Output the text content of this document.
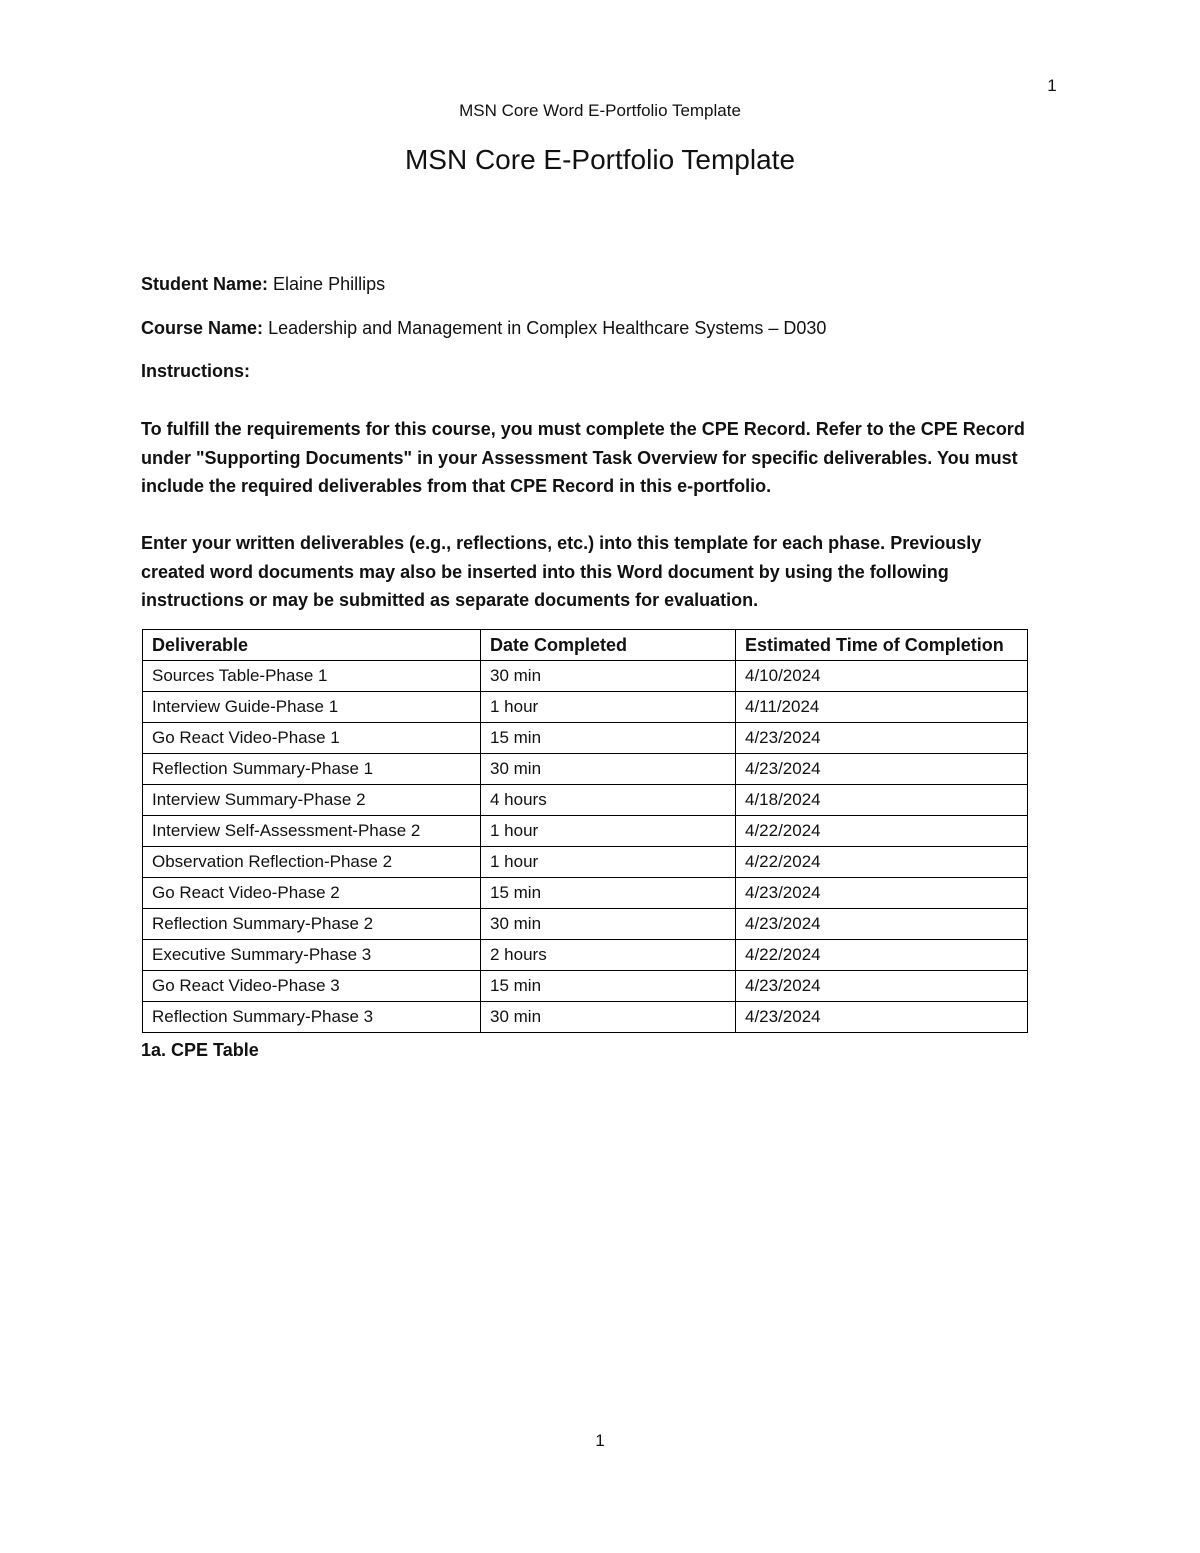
1
MSN Core Word E-Portfolio Template
MSN Core E-Portfolio Template
Student Name: Elaine Phillips
Course Name: Leadership and Management in Complex Healthcare Systems – D030
Instructions:

To fulfill the requirements for this course, you must complete the CPE Record. Refer to the CPE Record under "Supporting Documents" in your Assessment Task Overview for specific deliverables. You must include the required deliverables from that CPE Record in this e-portfolio.

Enter your written deliverables (e.g., reflections, etc.) into this template for each phase. Previously created word documents may also be inserted into this Word document by using the following instructions or may be submitted as separate documents for evaluation.

Deliverable	Date Completed	Estimated Time of Completion
Sources Table-Phase 1	30 min	4/10/2024
Interview Guide-Phase 1	1 hour	4/11/2024
Go React Video-Phase 1	15 min	4/23/2024
Reflection Summary-Phase 1	30 min	4/23/2024
Interview Summary-Phase 2	4 hours	4/18/2024
Interview Self-Assessment-Phase 2	1 hour	4/22/2024
Observation Reflection-Phase 2	1 hour	4/22/2024
Go React Video-Phase 2	15 min	4/23/2024
Reflection Summary-Phase 2	30 min	4/23/2024
Executive Summary-Phase 3	2 hours	4/22/2024
Go React Video-Phase 3	15 min	4/23/2024
Reflection Summary-Phase 3	30 min	4/23/2024
1a. CPE Table
1
